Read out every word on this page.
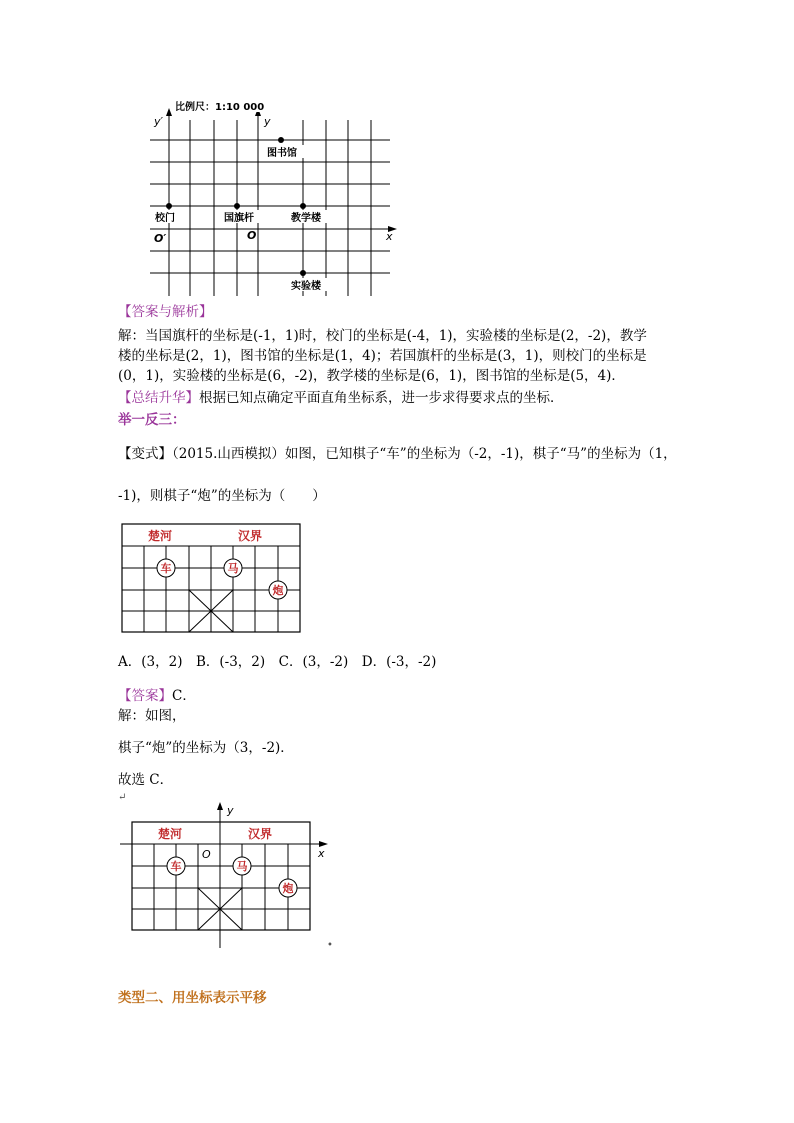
比例尺：1:10 000
y′	y
x
图书馆
校门	国旗杆	教学楼
O′	O
实验楼
【答案与解析】
解：当国旗杆的坐标是(-1，1)时，校门的坐标是(-4，1)，实验楼的坐标是(2，-2)，教学
楼的坐标是(2，1)，图书馆的坐标是(1，4)；若国旗杆的坐标是(3，1)，则校门的坐标是
(0，1)，实验楼的坐标是(6，-2)，教学楼的坐标是(6，1)，图书馆的坐标是(5，4)．
【总结升华】根据已知点确定平面直角坐标系，进一步求得要求点的坐标．
举一反三：
【变式】（2015.山西模拟）如图，已知棋子“车”的坐标为（-2，-1)，棋子“马”的坐标为（1，
-1)，则棋子“炮”的坐标为（　　）
楚河	汉界
车	马
炮
A．(3，2)　B．(-3，2)　C．(3，-2)　D．(-3，-2)
【答案】C．
解：如图，
棋子“炮”的坐标为（3，-2)．
故选 C．
↵
y
x
O
楚河	汉界
车	马
炮
•
类型二、用坐标表示平移
